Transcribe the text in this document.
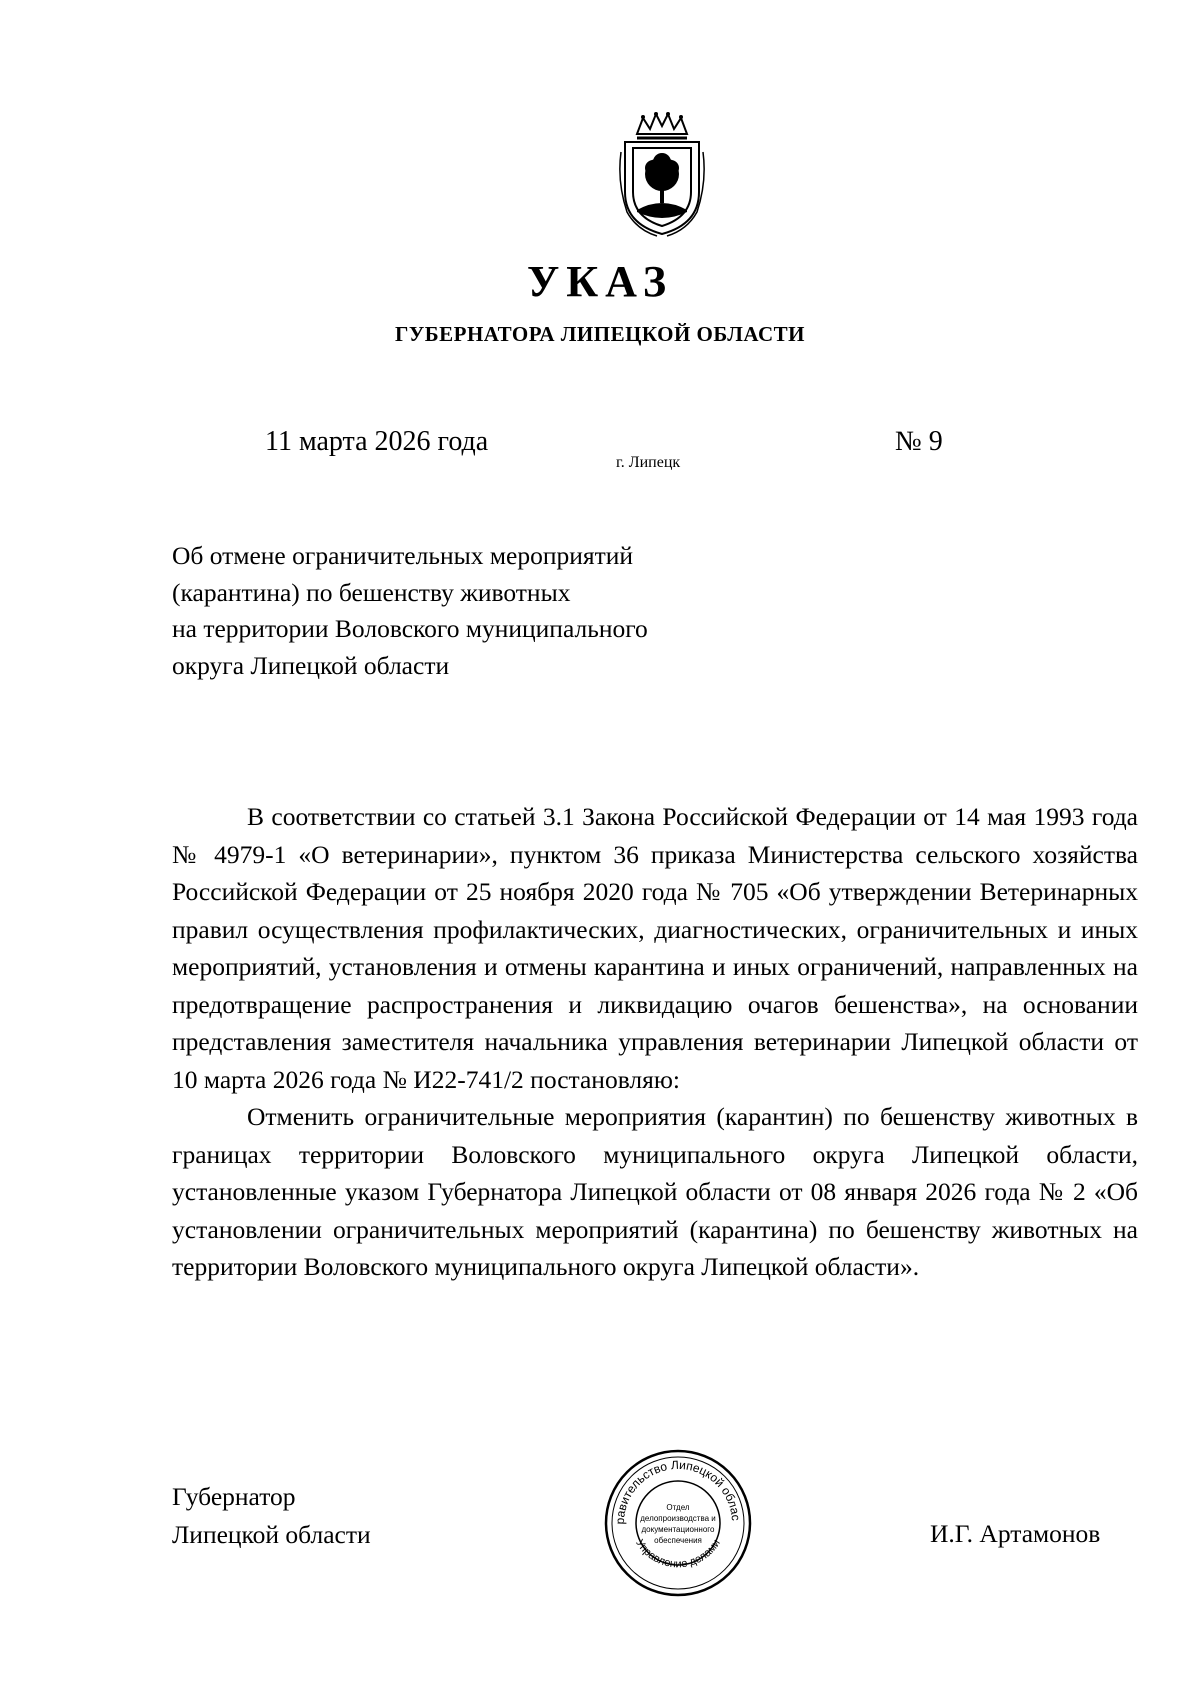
УКАЗ
ГУБЕРНАТОРА ЛИПЕЦКОЙ ОБЛАСТИ
11 марта 2026 года
г. Липецк
№ 9
Об отмене ограничительных мероприятий
(карантина) по бешенству животных
на территории Воловского муниципального
округа Липецкой области

В соответствии со статьей 3.1 Закона Российской Федерации от 14 мая 1993 года № 4979-1 «О ветеринарии», пунктом 36 приказа Министерства сельского хозяйства Российской Федерации от 25 ноября 2020 года № 705 «Об утверждении Ветеринарных правил осуществления профилактических, диагностических, ограничительных и иных мероприятий, установления и отмены карантина и иных ограничений, направленных на предотвращение распространения и ликвидацию очагов бешенства», на основании представления заместителя начальника управления ветеринарии Липецкой области от 10 марта 2026 года № И22-741/2 постановляю:

Отменить ограничительные мероприятия (карантин) по бешенству животных в границах территории Воловского муниципального округа Липецкой области, установленные указом Губернатора Липецкой области от 08 января 2026 года № 2 «Об установлении ограничительных мероприятий (карантина) по бешенству животных на территории Воловского муниципального округа Липецкой области».

Губернатор
Липецкой области	равительство Липецкой облас
Управление делами
Отдел
делопроизводства и
документационного
обеспечения	И.Г. Артамонов
